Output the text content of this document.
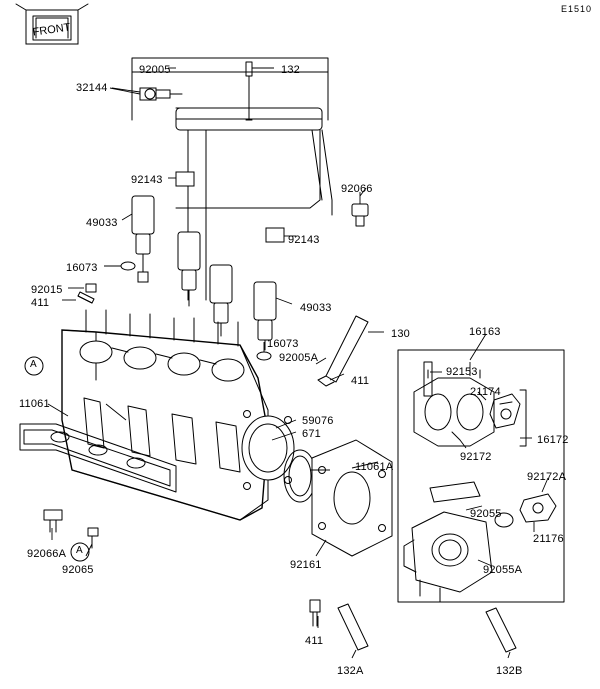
E1510
FRONT
92005	132
32144
92143
92066
49033
92143
16073
92015
411	49033
130	16163
16073
92005A
411
92153
21174
A
11061
59076
671	16172
92172
11061A
92172A
92055
21176
92066A A
92065	92161	92055A
411
132A	132B
